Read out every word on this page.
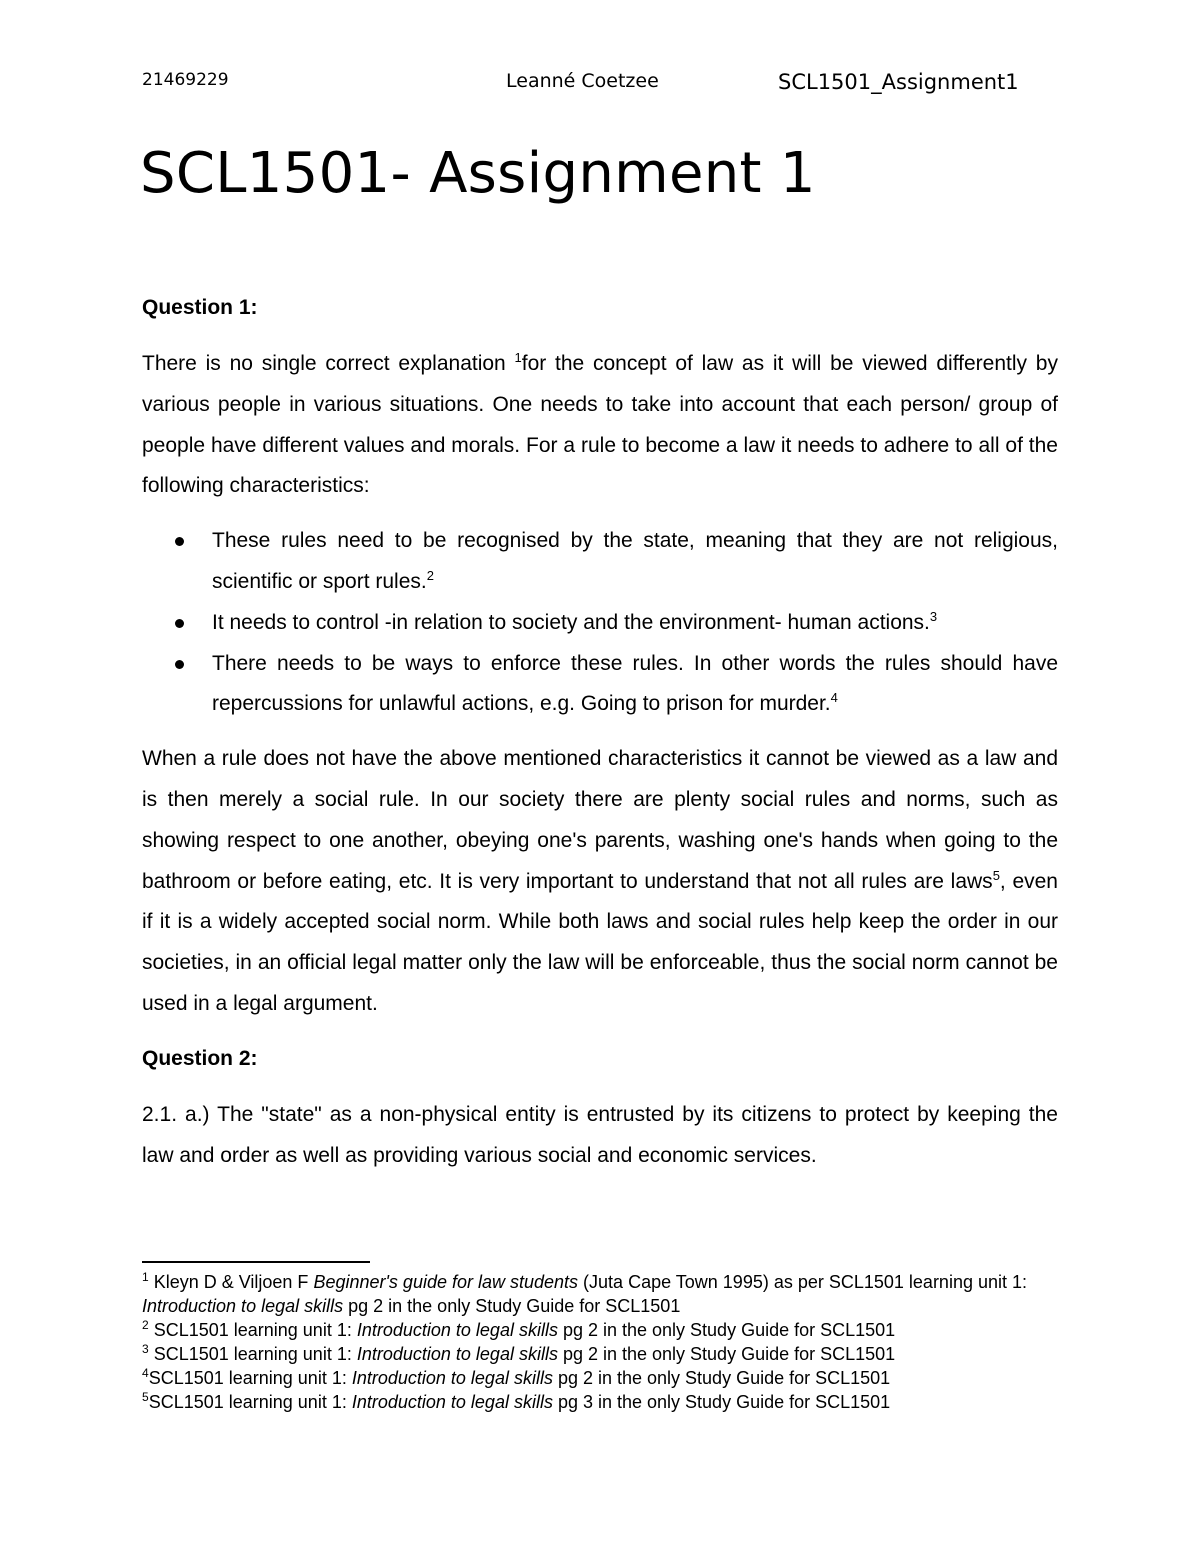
21469229	Leanné Coetzee	SCL1501_Assignment1
SCL1501- Assignment 1
Question 1:

There is no single correct explanation $^1$for the concept of law as it will be viewed differently by various people in various situations. One needs to take into account that each person/ group of people have different values and morals. For a rule to become a law it needs to adhere to all of the following characteristics:

These rules need to be recognised by the state, meaning that they are not religious, scientific or sport rules.$^2$
It needs to control -in relation to society and the environment- human actions.$^3$
There needs to be ways to enforce these rules. In other words the rules should have repercussions for unlawful actions, e.g. Going to prison for murder.$^4$

When a rule does not have the above mentioned characteristics it cannot be viewed as a law and is then merely a social rule. In our society there are plenty social rules and norms, such as showing respect to one another, obeying one's parents, washing one's hands when going to the bathroom or before eating, etc. It is very important to understand that not all rules are laws$^5$, even if it is a widely accepted social norm. While both laws and social rules help keep the order in our societies, in an official legal matter only the law will be enforceable, thus the social norm cannot be used in a legal argument.

Question 2:

2.1. a.) The "state" as a non-physical entity is entrusted by its citizens to protect by keeping the law and order as well as providing various social and economic services.

$^1$ Kleyn D & Viljoen F Beginner's guide for law students (Juta Cape Town 1995) as per SCL1501 learning unit 1: Introduction to legal skills pg 2 in the only Study Guide for SCL1501

$^2$ SCL1501 learning unit 1: Introduction to legal skills pg 2 in the only Study Guide for SCL1501

$^3$ SCL1501 learning unit 1: Introduction to legal skills pg 2 in the only Study Guide for SCL1501

$^4$SCL1501 learning unit 1: Introduction to legal skills pg 2 in the only Study Guide for SCL1501

$^5$SCL1501 learning unit 1: Introduction to legal skills pg 3 in the only Study Guide for SCL1501
